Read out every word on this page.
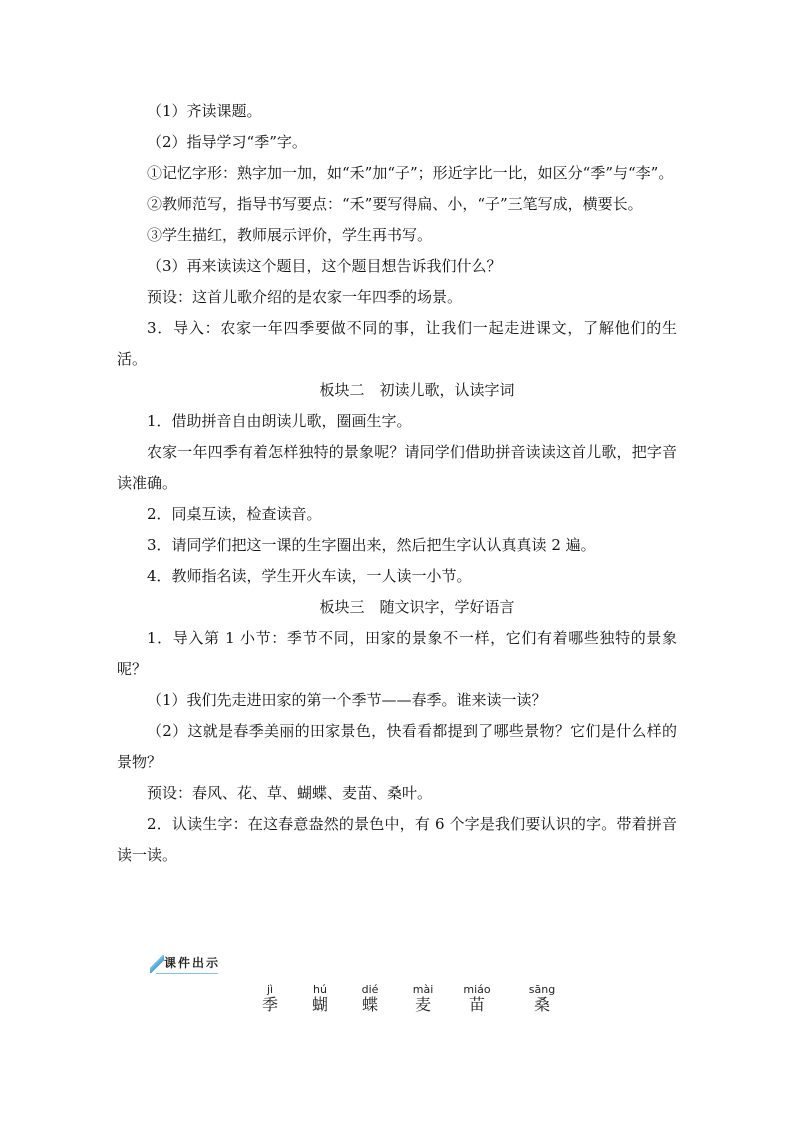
（1）齐读课题。

（2）指导学习“季”字。

①记忆字形：熟字加一加，如“禾”加“子”；形近字比一比，如区分“季”与“李”。

②教师范写，指导书写要点：“禾”要写得扁、小，“子”三笔写成，横要长。

③学生描红，教师展示评价，学生再书写。

（3）再来读读这个题目，这个题目想告诉我们什么？

预设：这首儿歌介绍的是农家一年四季的场景。

3．导入：农家一年四季要做不同的事，让我们一起走进课文，了解他们的生活。

板块二　初读儿歌，认读字词

1．借助拼音自由朗读儿歌，圈画生字。

农家一年四季有着怎样独特的景象呢？请同学们借助拼音读读这首儿歌，把字音读准确。

2．同桌互读，检查读音。

3．请同学们把这一课的生字圈出来，然后把生字认认真真读 2 遍。

4．教师指名读，学生开火车读，一人读一小节。

板块三　随文识字，学好语言

1．导入第 1 小节：季节不同，田家的景象不一样，它们有着哪些独特的景象呢？

（1）我们先走进田家的第一个季节——春季。谁来读一读？

（2）这就是春季美丽的田家景色，快看看都提到了哪些景物？它们是什么样的景物？

预设：春风、花、草、蝴蝶、麦苗、桑叶。

2．认读生字：在这春意盎然的景色中，有 6 个字是我们要认识的字。带着拼音读一读。

课件出示
jì
季
hú
蝴
dié
蝶
mài
麦
miáo
苗
sāng
桑
